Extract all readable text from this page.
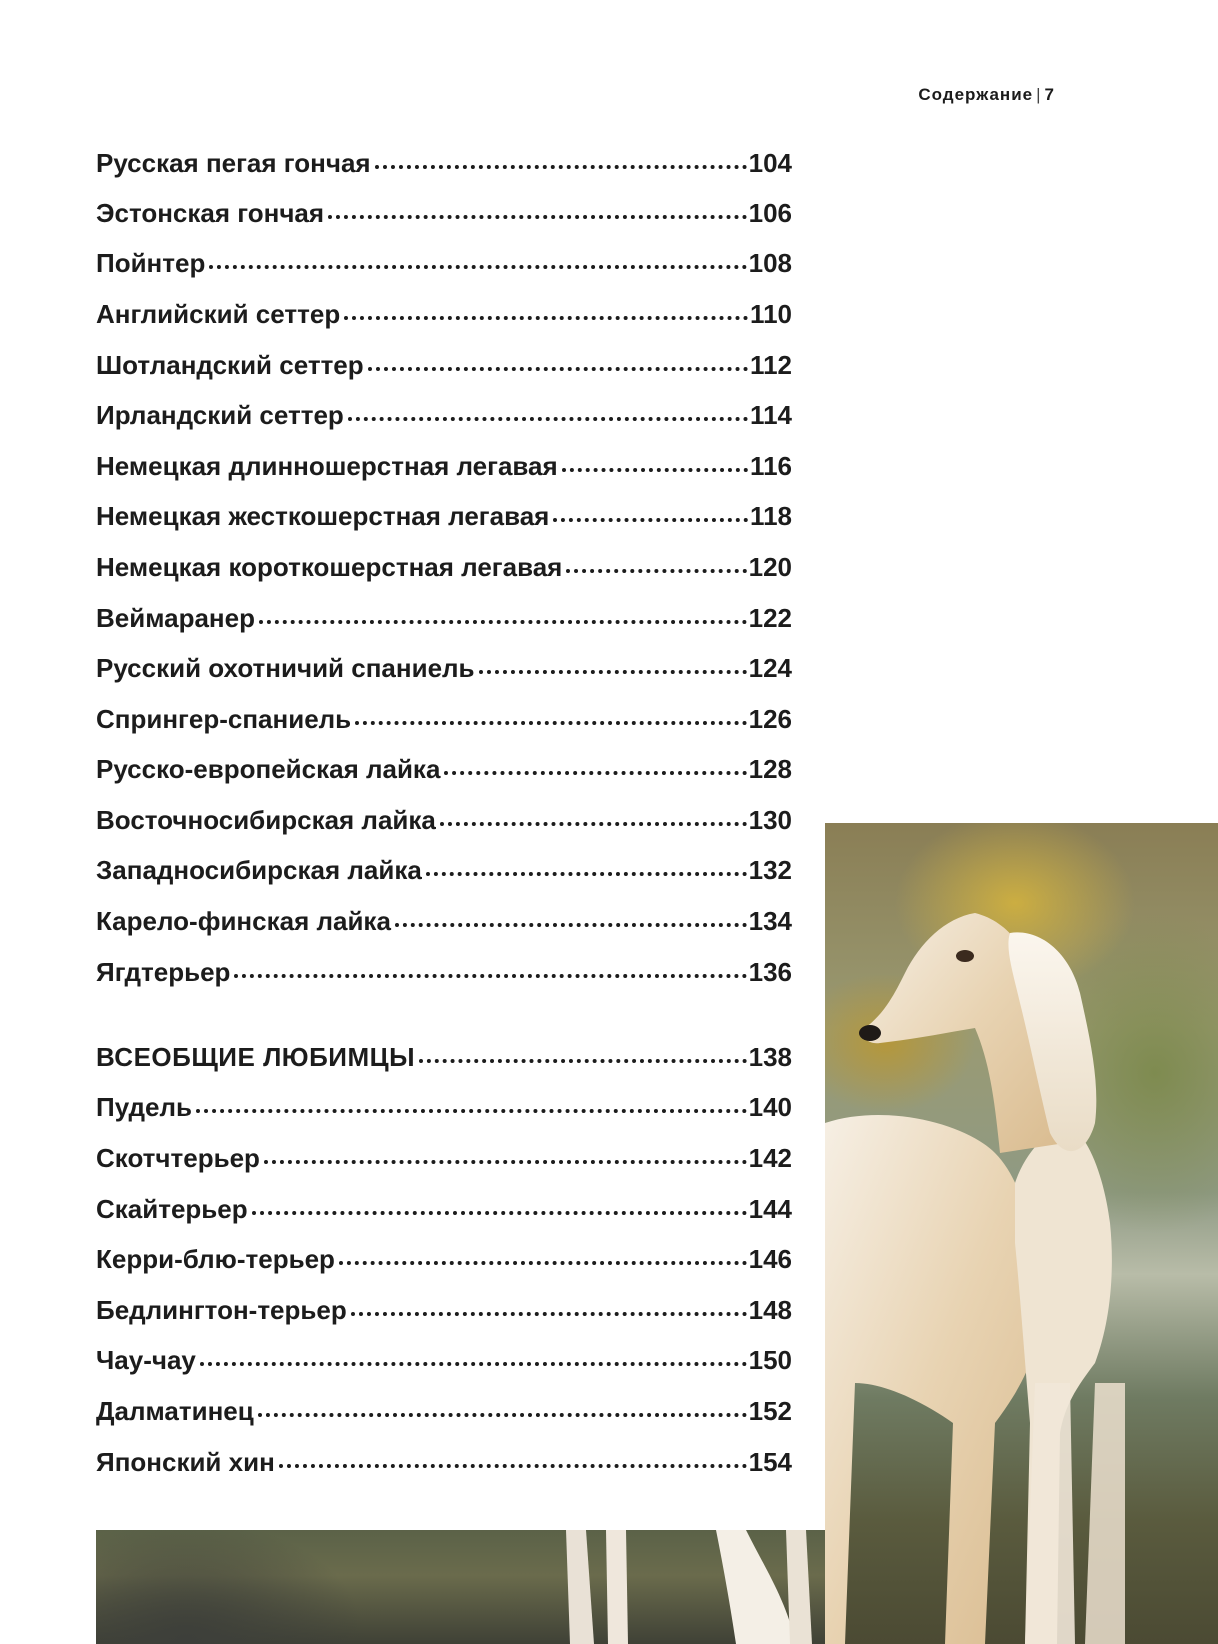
Содержание | 7
Русская пегая гончая	104
Эстонская гончая	106
Пойнтер	108
Английский сеттер	110
Шотландский сеттер	112
Ирландский сеттер	114
Немецкая длинношерстная легавая	116
Немецкая жесткошерстная легавая	118
Немецкая короткошерстная легавая	120
Веймаранер	122
Русский охотничий спаниель	124
Спрингер-спаниель	126
Русско-европейская лайка	128
Восточносибирская лайка	130
Западносибирская лайка	132
Карело-финская лайка	134
Ягдтерьер	136
ВСЕОБЩИЕ ЛЮБИМЦЫ	138
Пудель	140
Скотчтерьер	142
Скайтерьер	144
Керри-блю-терьер	146
Бедлингтон-терьер	148
Чау-чау	150
Далматинец	152
Японский хин	154
